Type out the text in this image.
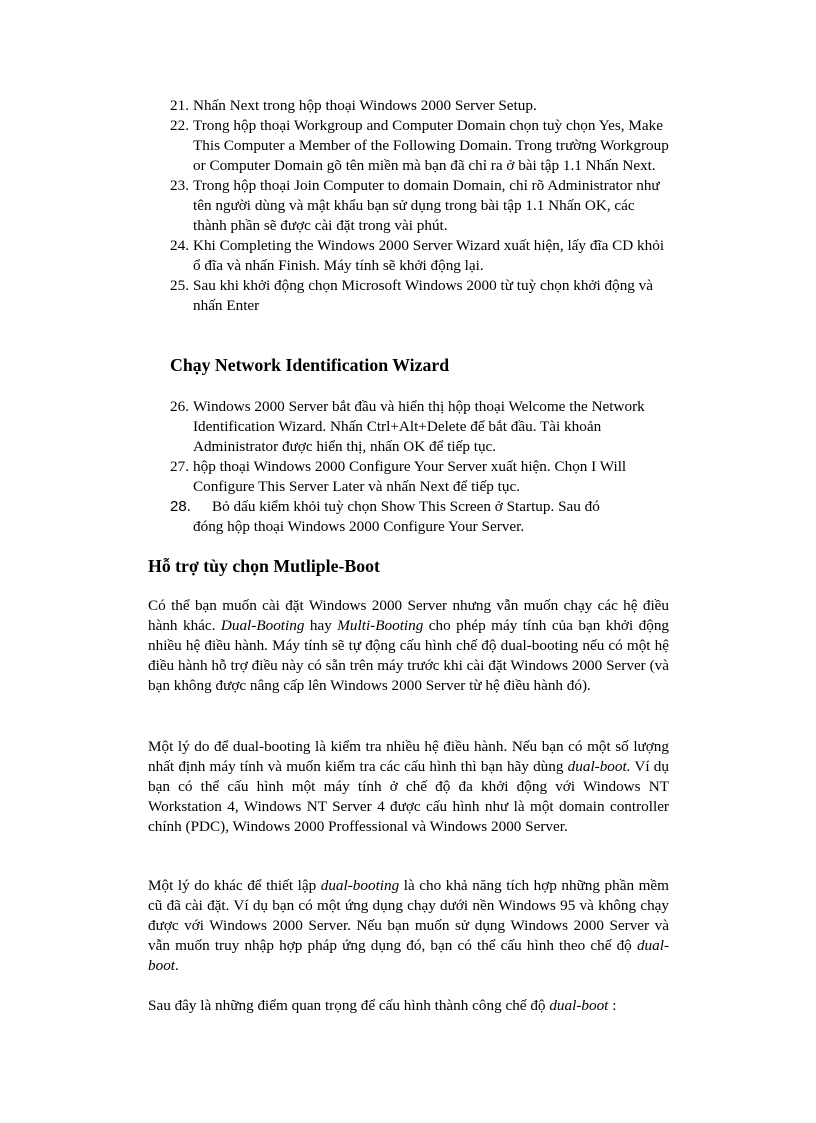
21. Nhấn Next trong hộp thoại Windows 2000 Server Setup.
22. Trong hộp thoại Workgroup and Computer Domain chọn tuỳ chọn Yes, Make This Computer a Member of the Following Domain. Trong trường Workgroup or Computer Domain gõ tên miền mà bạn đã chỉ ra ở bài tập 1.1 Nhấn Next.
23. Trong hộp thoại Join Computer to domain Domain, chỉ rõ Administrator như tên người dùng và mật khẩu bạn sử dụng trong bài tập 1.1 Nhấn OK, các thành phần sẽ được cài đặt trong vài phút.
24. Khi Completing the Windows 2000 Server Wizard xuất hiện, lấy đĩa CD khỏi ổ đĩa và nhấn Finish. Máy tính sẽ khởi động lại.
25. Sau khi khởi động chọn Microsoft Windows 2000 từ tuỳ chọn khởi động và nhấn Enter
Chạy Network Identification Wizard
26. Windows 2000 Server bắt đầu và hiển thị hộp thoại Welcome the Network Identification Wizard. Nhấn Ctrl+Alt+Delete để bắt đầu. Tài khoản Administrator được hiển thị, nhấn OK để tiếp tục.
27. hộp thoại Windows 2000 Configure Your Server xuất hiện. Chọn I Will Configure This Server Later và nhấn Next để tiếp tục.
28.	Bỏ dấu kiểm khỏi tuỳ chọn Show This Screen ở Startup. Sau đó
đóng hộp thoại Windows 2000 Configure Your Server.
Hỗ trợ tùy chọn Mutliple-Boot

Có thể bạn muốn cài đặt Windows 2000 Server nhưng vẫn muốn chạy các hệ điều hành khác. Dual-Booting hay Multi-Booting cho phép máy tính của bạn khởi động nhiều hệ điều hành. Máy tính sẽ tự động cấu hình chế độ dual-booting nếu có một hệ điều hành hỗ trợ điều này có sẵn trên máy trước khi cài đặt Windows 2000 Server (và bạn không được nâng cấp lên Windows 2000 Server từ hệ điều hành đó).

Một lý do để dual-booting là kiểm tra nhiều hệ điều hành. Nếu bạn có một số lượng nhất định máy tính và muốn kiểm tra các cấu hình thì bạn hãy dùng dual-boot. Ví dụ bạn có thể cấu hình một máy tính ở chế độ đa khởi động với Windows NT Workstation 4, Windows NT Server 4 được cấu hình như là một domain controller chính (PDC), Windows 2000 Proffessional và Windows 2000 Server.

Một lý do khác để thiết lập dual-booting là cho khả năng tích hợp những phần mềm cũ đã cài đặt. Ví dụ bạn có một ứng dụng chạy dưới nền Windows 95 và không chạy được với Windows 2000 Server. Nếu bạn muốn sử dụng Windows 2000 Server và vẫn muốn truy nhập hợp pháp ứng dụng đó, bạn có thể cấu hình theo chế độ dual-boot.

Sau đây là những điểm quan trọng để cấu hình thành công chế độ dual-boot :
